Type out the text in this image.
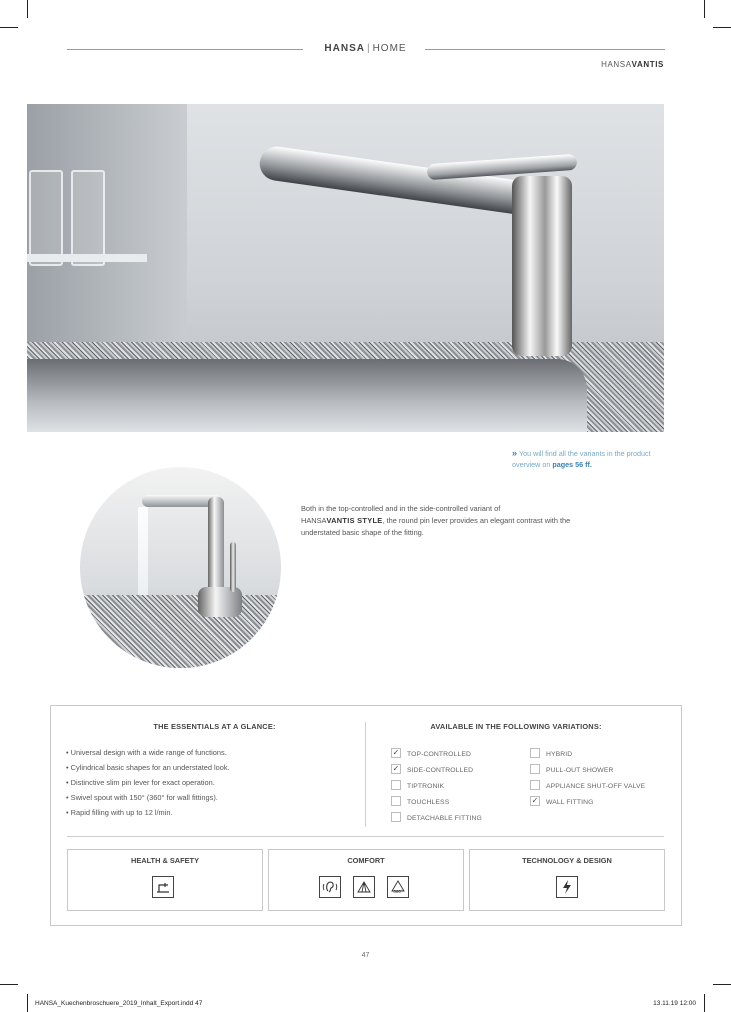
HANSA | HOME
HANSAVANTIS
» You will find all the variants in the product overview on pages 56 ff.
Both in the top-controlled and in the side-controlled variant of
HANSAVANTIS STYLE, the round pin lever provides an elegant contrast with the understated basic shape of the fitting.
THE ESSENTIALS AT A GLANCE:	AVAILABLE IN THE FOLLOWING VARIATIONS:
• Universal design with a wide range of functions.
• Cylindrical basic shapes for an understated look.
• Distinctive slim pin lever for exact operation.
• Swivel spout with 150° (360° for wall fittings).
• Rapid filling with up to 12 l/min.
✓ TOP-CONTROLLED
✓ SIDE-CONTROLLED
TIPTRONIK
TOUCHLESS
DETACHABLE FITTING
HYBRID
PULL-OUT SHOWER
APPLIANCE SHUT-OFF VALVE
✓ WALL FITTING
HEALTH & SAFETY	COMFORT
360°
TECHNOLOGY & DESIGN
47
HANSA_Kuechenbroschuere_2019_Inhalt_Export.indd 47	13.11.19 12:00
